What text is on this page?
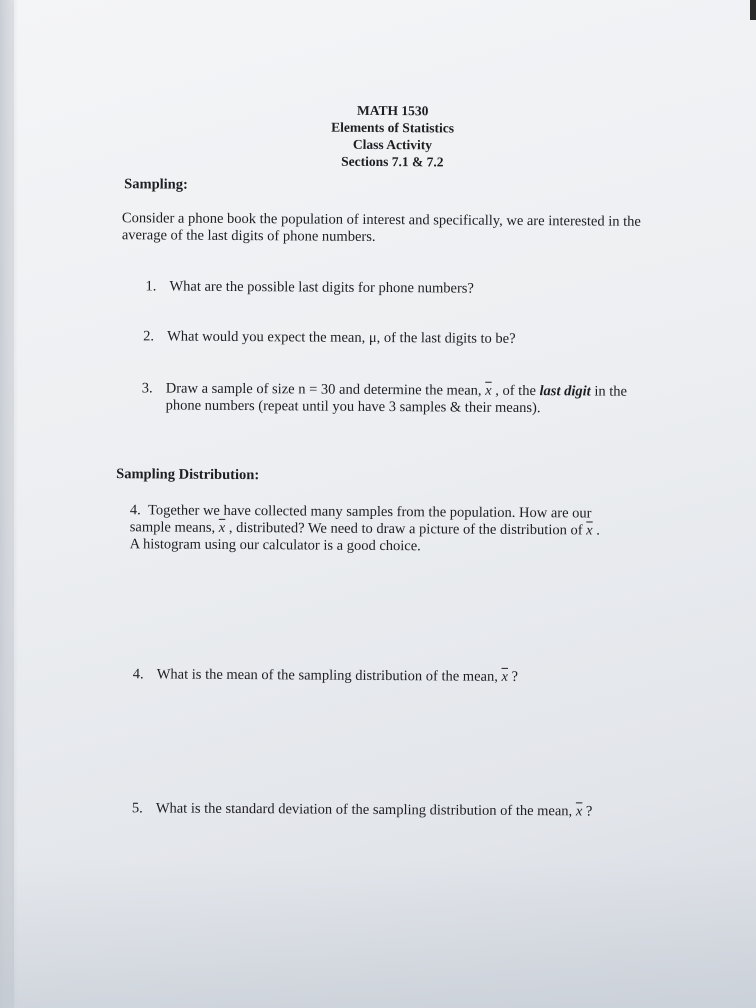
MATH 1530
Elements of Statistics
Class Activity
Sections 7.1 & 7.2
Sampling:
Consider a phone book the population of interest and specifically, we are interested in the
average of the last digits of phone numbers.
1. What are the possible last digits for phone numbers?
2. What would you expect the mean, μ, of the last digits to be?
3. Draw a sample of size n = 30 and determine the mean, $\overline{x}$ , of the last digit in the
phone numbers (repeat until you have 3 samples & their means).
Sampling Distribution:
4. Together we have collected many samples from the population. How are our
sample means, $\overline{x}$ , distributed? We need to draw a picture of the distribution of $\overline{x}$ .
A histogram using our calculator is a good choice.
4. What is the mean of the sampling distribution of the mean, $\overline{x}$ ?
5. What is the standard deviation of the sampling distribution of the mean, $\overline{x}$ ?
